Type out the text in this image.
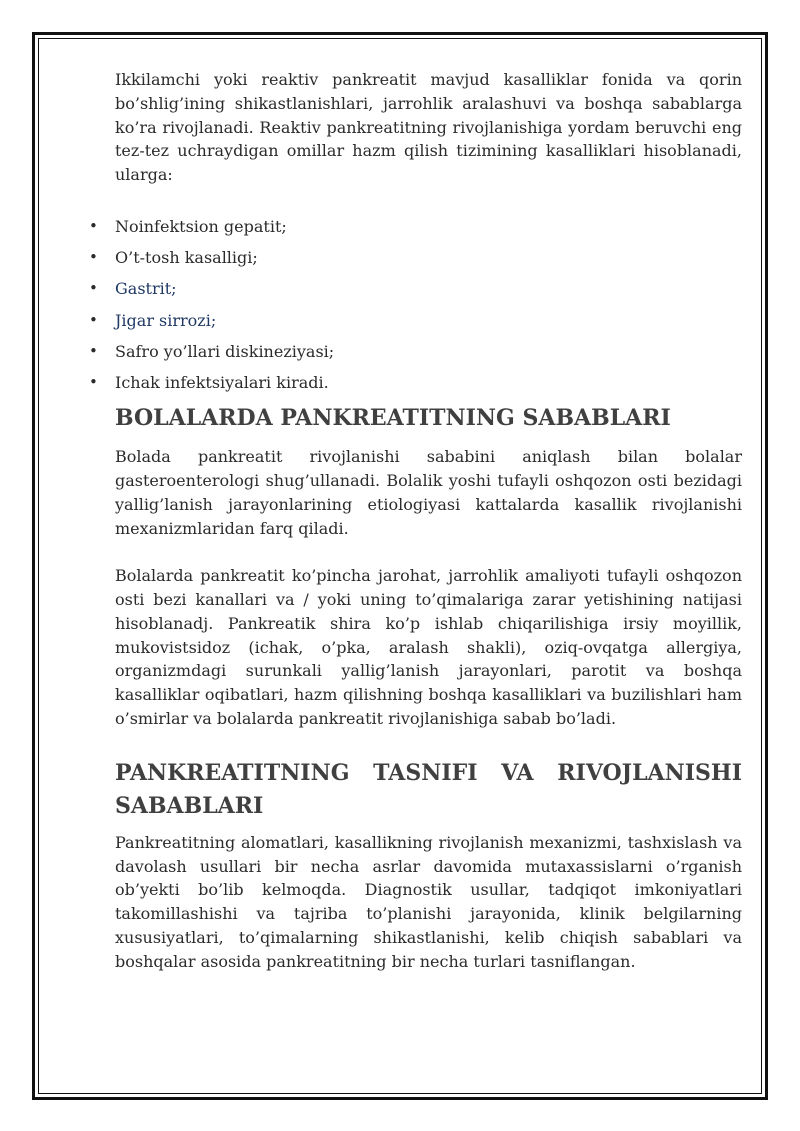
Ikkilamchi yoki reaktiv pankreatit mavjud kasalliklar fonida va qorin bo’shlig’ining shikastlanishlari, jarrohlik aralashuvi va boshqa sabablarga ko’ra rivojlanadi. Reaktiv pankreatitning rivojlanishiga yordam beruvchi eng tez-tez uchraydigan omillar hazm qilish tizimining kasalliklari hisoblanadi, ularga:

• Noinfektsion gepatit;
• O’t-tosh kasalligi;
• Gastrit;
• Jigar sirrozi;
• Safro yo’llari diskineziyasi;
• Ichak infektsiyalari kiradi.
BOLALARDA PANKREATITNING SABABLARI

Bolada pankreatit rivojlanishi sababini aniqlash bilan bolalar gasteroenterologi shug’ullanadi. Bolalik yoshi tufayli oshqozon osti bezidagi yallig’lanish jarayonlarining etiologiyasi kattalarda kasallik rivojlanishi mexanizmlaridan farq qiladi.

Bolalarda pankreatit ko’pincha jarohat, jarrohlik amaliyoti tufayli oshqozon osti bezi kanallari va / yoki uning to’qimalariga zarar yetishining natijasi hisoblanadj. Pankreatik shira ko’p ishlab chiqarilishiga irsiy moyillik, mukovistsidoz (ichak, o’pka, aralash shakli), oziq-ovqatga allergiya, organizmdagi surunkali yallig’lanish jarayonlari, parotit va boshqa kasalliklar oqibatlari, hazm qilishning boshqa kasalliklari va buzilishlari ham o’smirlar va bolalarda pankreatit rivojlanishiga sabab bo’ladi.

PANKREATITNING TASNIFI VA RIVOJLANISHI SABABLARI

Pankreatitning alomatlari, kasallikning rivojlanish mexanizmi, tashxislash va davolash usullari bir necha asrlar davomida mutaxassislarni o’rganish ob’yekti bo’lib kelmoqda. Diagnostik usullar, tadqiqot imkoniyatlari takomillashishi va tajriba to’planishi jarayonida, klinik belgilarning xususiyatlari, to’qimalarning shikastlanishi, kelib chiqish sabablari va boshqalar asosida pankreatitning bir necha turlari tasniflangan.
